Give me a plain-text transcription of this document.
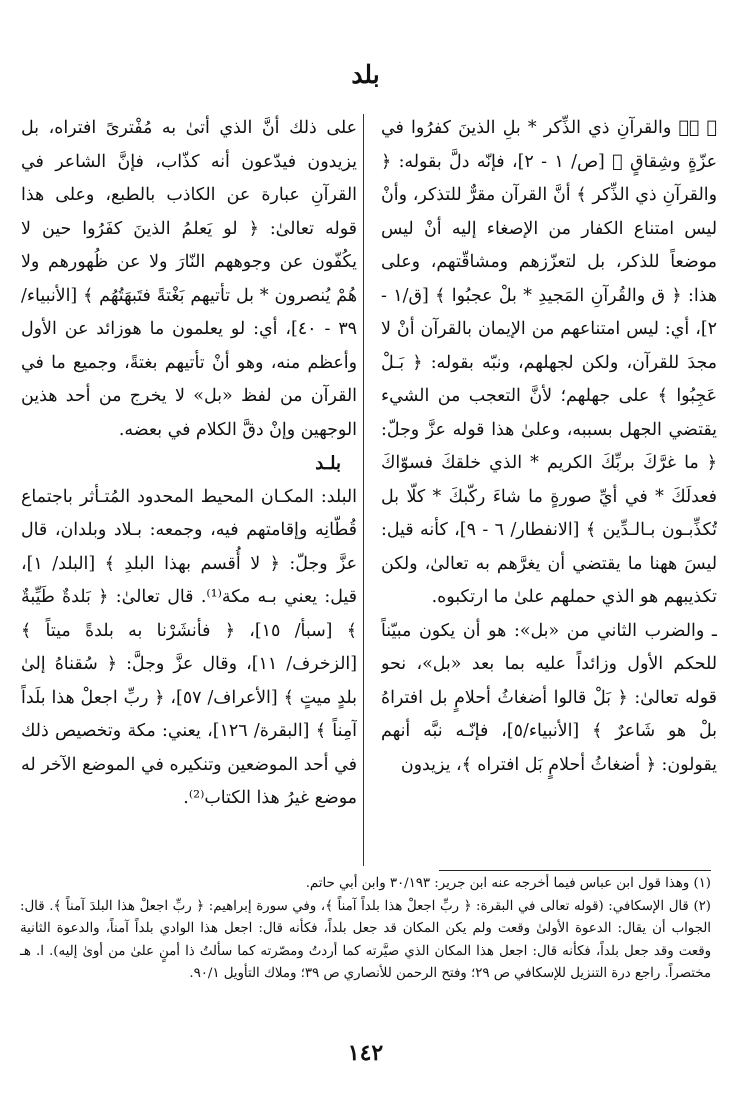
بلد

﴿ صۤ والقرآنِ ذي الذِّكر * بلِ الذينَ كفرُوا في عزّةٍ وشِقاقٍ ﴾ [ص/ ١ - ٢]، فإنّه دلَّ بقوله: ﴿ والقرآنِ ذي الذِّكر ﴾ أنَّ القرآن مقرٌّ للتذكر، وأنْ ليس امتناع الكفار من الإصغاء إليه أنْ ليس موضعاً للذكر، بل لتعزّزهم ومشاقّتهم، وعلى هذا: ﴿ ق والقُرآنِ المَجيدِ * بلْ عجبُوا ﴾ [ق/١ - ٢]، أي: ليس امتناعهم من الإيمان بالقرآن أنْ لا مجدَ للقرآن، ولكن لجهلهم، ونبّه بقوله: ﴿ بَـلْ عَجِبُوا ﴾ على جهلهم؛ لأنَّ التعجب من الشيء يقتضي الجهل بسببه، وعلىٰ هذا قوله عزَّ وجلّ: ﴿ ما غرَّكَ بربِّكَ الكريم * الذي خلقكَ فسوّاكَ فعدلَكَ * في أيِّ صورةٍ ما شاءَ ركّبكَ * كلّا بل تُكذِّبـون بـالـدِّين ﴾ [الانفطار/ ٦ - ٩]، كأنه قيل: ليسَ ههنا ما يقتضي أن يغرَّهم به تعالىٰ، ولكن تكذيبهم هو الذي حملهم علىٰ ما ارتكبوه.

ـ والضرب الثاني من «بل»: هو أن يكون مبيّناً للحكم الأول وزائداً عليه بما بعد «بل»، نحو قوله تعالىٰ: ﴿ بَلْ قالوا أضغاثُ أحلامٍ بل افتراهُ بلْ هو شَاعرٌ ﴾ [الأنبياء/٥]، فإنّـه نبَّه أنهم يقولون: ﴿ أضغاثُ أحلامٍ بَل افتراه ﴾، يزيدون

على ذلك أنَّ الذي أتىٰ به مُفْترىً افتراه، بل يزيدون فيدّعون أنه كذّاب، فإنَّ الشاعر في القرآنِ عبارة عن الكاذب بالطبع، وعلى هذا قوله تعالىٰ: ﴿ لو يَعلمُ الذينَ كفَرُوا حين لا يكُفّون عن وجوههم النّارَ ولا عن ظُهورهم ولا هُمْ يُنصرون * بل تأتيهم بَغْتةً فتَبهَتُهُم ﴾ [الأنبياء/ ٣٩ - ٤٠]، أي: لو يعلمون ما هوزائد عن الأول وأعظم منه، وهو أنْ تأتيهم بغتةً، وجميع ما في القرآن من لفظ «بل» لا يخرج من أحد هذين الوجهين وإنْ دقَّ الكلام في بعضه.

بلـد

البلد: المكـان المحيط المحدود المُتـأثر باجتماع قُطّانِه وإقامتهم فيه، وجمعه: بـلاد وبلدان، قال عزَّ وجلّ: ﴿ لا أُقسم بهذا البلدِ ﴾ [البلد/ ١]، قيل: يعني بـه مكة⁽¹⁾. قال تعالىٰ: ﴿ بَلدةٌ طَيِّبةٌ ﴾ [سبأ/ ١٥]، ﴿ فأنشَرْنا به بلدةً ميتاً ﴾ [الزخرف/ ١١]، وقال عزَّ وجلَّ: ﴿ سُقناهُ إلىٰ بلدٍ ميتٍ ﴾ [الأعراف/ ٥٧]، ﴿ ربِّ اجعلْ هذا بلَداً آمِناً ﴾ [البقرة/ ١٢٦]، يعني: مكة وتخصيص ذلك في أحد الموضعين وتنكيره في الموضع الآخر له موضع غيرُ هذا الكتاب⁽²⁾.

(١) وهذا قول ابن عباس فيما أخرجه عنه ابن جرير: ٣٠/١٩٣ وابن أبي حاتم.

(٢) قال الإسكافي: (قوله تعالى في البقرة: ﴿ ربِّ اجعلْ هذا بلداً آمناً ﴾، وفي سورة إبراهيم: ﴿ ربِّ اجعلْ هذا البلدَ آمناً ﴾. قال: الجواب أن يقال: الدعوة الأولىٰ وقعت ولم يكن المكان قد جعل بلداً، فكأنه قال: اجعل هذا الوادي بلداً آمناً، والدعوة الثانية وقعت وقد جعل بلداً، فكأنه قال: اجعل هذا المكان الذي صيَّرته كما أردتُ ومصّرته كما سألتُ ذا أمنٍ علىٰ من أوىٰ إليه). ا. هـ مختصراً. راجع درة التنزيل للإسكافي ص ٢٩؛ وفتح الرحمن للأنصاري ص ٣٩؛ وملاك التأويل ٩٠/١.

١٤٢
